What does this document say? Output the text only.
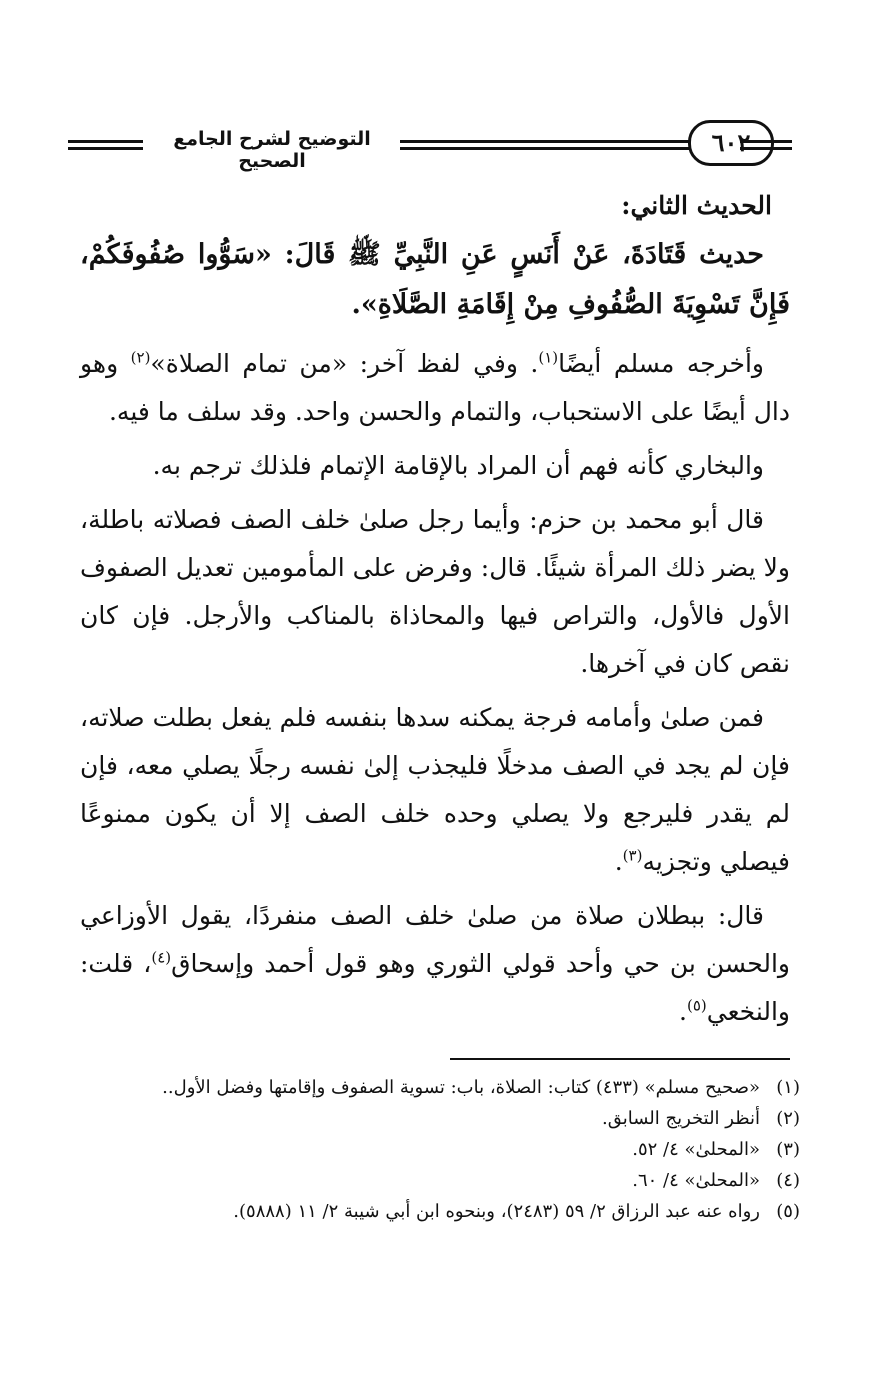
التوضيح لشرح الجامع الصحيح
٦٠٢
الحديث الثاني:

حديث قَتَادَةَ، عَنْ أَنَسٍ عَنِ النَّبِيِّ ﷺ قَالَ: «سَوُّوا صُفُوفَكُمْ، فَإِنَّ تَسْوِيَةَ الصُّفُوفِ مِنْ إِقَامَةِ الصَّلَاةِ».

وأخرجه مسلم أيضًا$^{(١)}$. وفي لفظ آخر: «من تمام الصلاة»$^{(٢)}$ وهو دال أيضًا على الاستحباب، والتمام والحسن واحد. وقد سلف ما فيه.

والبخاري كأنه فهم أن المراد بالإقامة الإتمام فلذلك ترجم به.

قال أبو محمد بن حزم: وأيما رجل صلىٰ خلف الصف فصلاته باطلة، ولا يضر ذلك المرأة شيئًا. قال: وفرض على المأمومين تعديل الصفوف الأول فالأول، والتراص فيها والمحاذاة بالمناكب والأرجل. فإن كان نقص كان في آخرها.

فمن صلىٰ وأمامه فرجة يمكنه سدها بنفسه فلم يفعل بطلت صلاته، فإن لم يجد في الصف مدخلًا فليجذب إلىٰ نفسه رجلًا يصلي معه، فإن لم يقدر فليرجع ولا يصلي وحده خلف الصف إلا أن يكون ممنوعًا فيصلي وتجزيه$^{(٣)}$.

قال: ببطلان صلاة من صلىٰ خلف الصف منفردًا، يقول الأوزاعي والحسن بن حي وأحد قولي الثوري وهو قول أحمد وإسحاق$^{(٤)}$، قلت: والنخعي$^{(٥)}$.

(١)
«صحيح مسلم» (٤٣٣) كتاب: الصلاة، باب: تسوية الصفوف وإقامتها وفضل الأول..
(٢)
أنظر التخريج السابق.
(٣)
«المحلىٰ» ٤/ ٥٢.
(٤)
«المحلىٰ» ٤/ ٦٠.
(٥)
رواه عنه عبد الرزاق ٢/ ٥٩ (٢٤٨٣)، وبنحوه ابن أبي شيبة ٢/ ١١ (٥٨٨٨).
